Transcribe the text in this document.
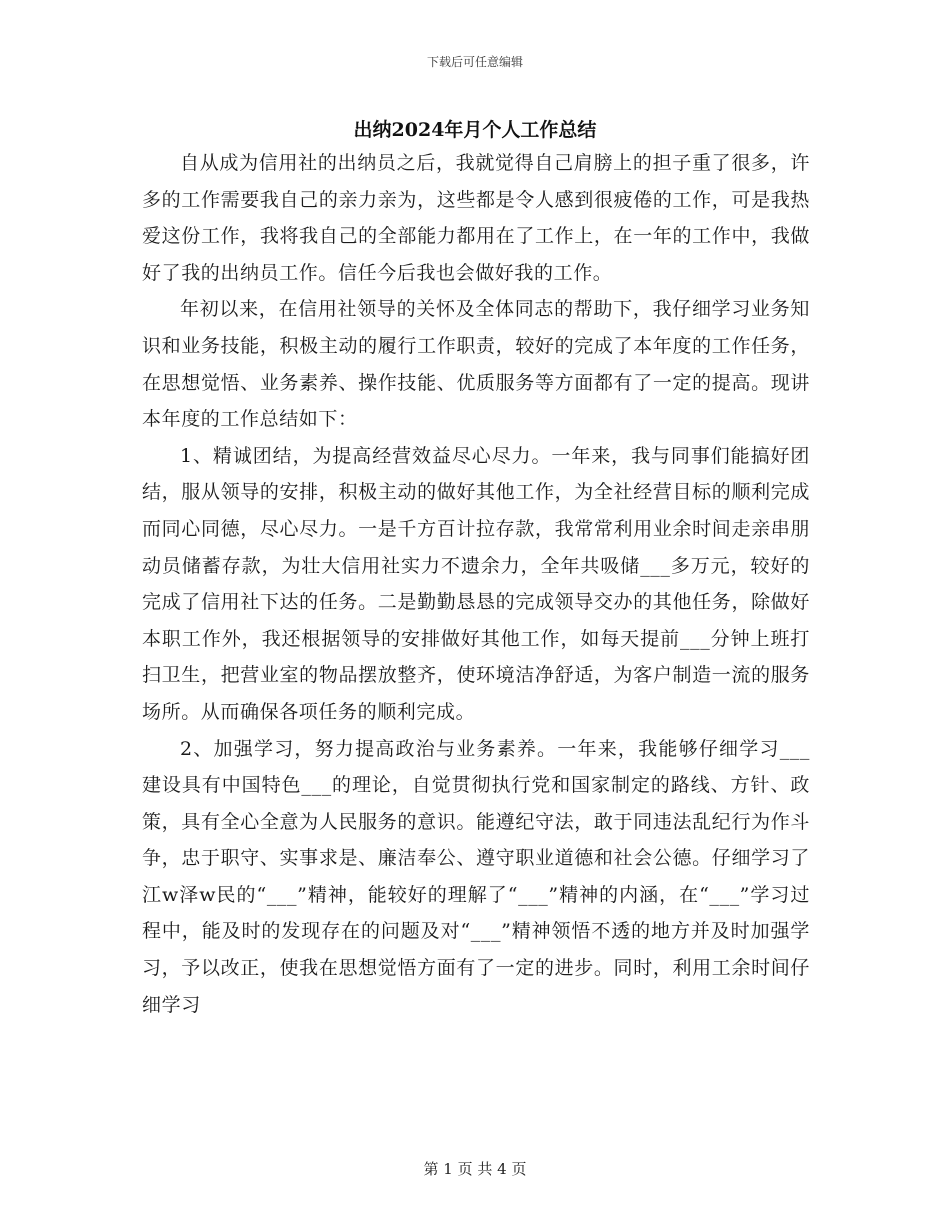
下载后可任意编辑
出纳2024年月个人工作总结

自从成为信用社的出纳员之后，我就觉得自己肩膀上的担子重了很多，许多的工作需要我自己的亲力亲为，这些都是令人感到很疲倦的工作，可是我热爱这份工作，我将我自己的全部能力都用在了工作上，在一年的工作中，我做好了我的出纳员工作。信任今后我也会做好我的工作。

年初以来，在信用社领导的关怀及全体同志的帮助下，我仔细学习业务知识和业务技能，积极主动的履行工作职责，较好的完成了本年度的工作任务，在思想觉悟、业务素养、操作技能、优质服务等方面都有了一定的提高。现讲本年度的工作总结如下：

1、精诚团结，为提高经营效益尽心尽力。一年来，我与同事们能搞好团结，服从领导的安排，积极主动的做好其他工作，为全社经营目标的顺利完成而同心同德，尽心尽力。一是千方百计拉存款，我常常利用业余时间走亲串朋动员储蓄存款，为壮大信用社实力不遗余力，全年共吸储___多万元，较好的完成了信用社下达的任务。二是勤勤恳恳的完成领导交办的其他任务，除做好本职工作外，我还根据领导的安排做好其他工作，如每天提前___分钟上班打扫卫生，把营业室的物品摆放整齐，使环境洁净舒适，为客户制造一流的服务场所。从而确保各项任务的顺利完成。

2、加强学习，努力提高政治与业务素养。一年来，我能够仔细学习___建设具有中国特色___的理论，自觉贯彻执行党和国家制定的路线、方针、政策，具有全心全意为人民服务的意识。能遵纪守法，敢于同违法乱纪行为作斗争，忠于职守、实事求是、廉洁奉公、遵守职业道德和社会公德。仔细学习了江w泽w民的“___”精神，能较好的理解了“___”精神的内涵，在“___”学习过程中，能及时的发现存在的问题及对“___”精神领悟不透的地方并及时加强学习，予以改正，使我在思想觉悟方面有了一定的进步。同时，利用工余时间仔细学习

第 1 页 共 4 页
